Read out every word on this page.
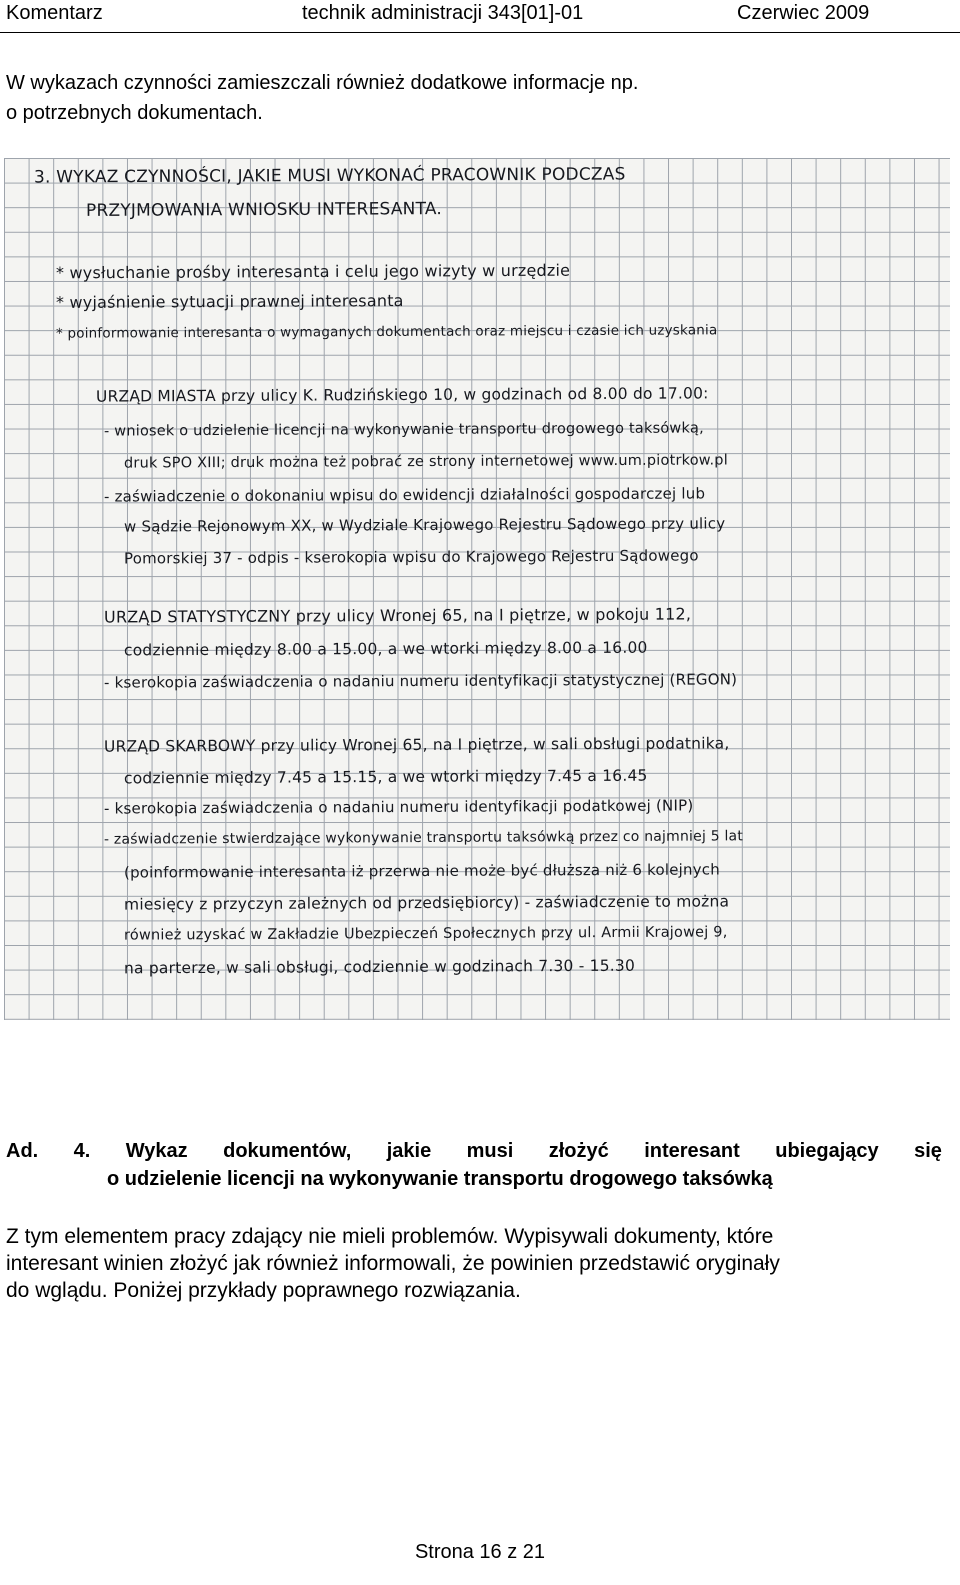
Komentarz	technik administracji 343[01]-01	Czerwiec 2009
W wykazach czynności zamieszczali również dodatkowe informacje np.
o potrzebnych dokumentach.
3. WYKAZ CZYNNOŚCI, JAKIE MUSI WYKONAĆ PRACOWNIK PODCZAS
PRZYJMOWANIA WNIOSKU INTERESANTA.
* wysłuchanie prośby interesanta i celu jego wizyty w urzędzie
* wyjaśnienie sytuacji prawnej interesanta
* poinformowanie interesanta o wymaganych dokumentach oraz miejscu i czasie ich uzyskania
URZĄD MIASTA przy ulicy K. Rudzińskiego 10, w godzinach od 8.00 do 17.00:
- wniosek o udzielenie licencji na wykonywanie transportu drogowego taksówką,
druk SPO XIII; druk można też pobrać ze strony internetowej www.um.piotrkow.pl
- zaświadczenie o dokonaniu wpisu do ewidencji działalności gospodarczej lub
w Sądzie Rejonowym XX, w Wydziale Krajowego Rejestru Sądowego przy ulicy
Pomorskiej 37 - odpis - kserokopia wpisu do Krajowego Rejestru Sądowego
URZĄD STATYSTYCZNY przy ulicy Wronej 65, na I piętrze, w pokoju 112,
codziennie między 8.00 a 15.00, a we wtorki między 8.00 a 16.00
- kserokopia zaświadczenia o nadaniu numeru identyfikacji statystycznej (REGON)
URZĄD SKARBOWY przy ulicy Wronej 65, na I piętrze, w sali obsługi podatnika,
codziennie między 7.45 a 15.15, a we wtorki między 7.45 a 16.45
- kserokopia zaświadczenia o nadaniu numeru identyfikacji podatkowej (NIP)
- zaświadczenie stwierdzające wykonywanie transportu taksówką przez co najmniej 5 lat
(poinformowanie interesanta iż przerwa nie może być dłuższa niż 6 kolejnych
miesięcy z przyczyn zależnych od przedsiębiorcy) - zaświadczenie to można
również uzyskać w Zakładzie Ubezpieczeń Społecznych przy ul. Armii Krajowej 9,
na parterze, w sali obsługi, codziennie w godzinach 7.30 - 15.30
Ad. 4. Wykaz dokumentów, jakie musi złożyć interesant ubiegający się
o udzielenie licencji na wykonywanie transportu drogowego taksówką
Z tym elementem pracy zdający nie mieli problemów. Wypisywali dokumenty, które
interesant winien złożyć jak również informowali, że powinien przedstawić oryginały
do wglądu. Poniżej przykłady poprawnego rozwiązania.
Strona 16 z 21
